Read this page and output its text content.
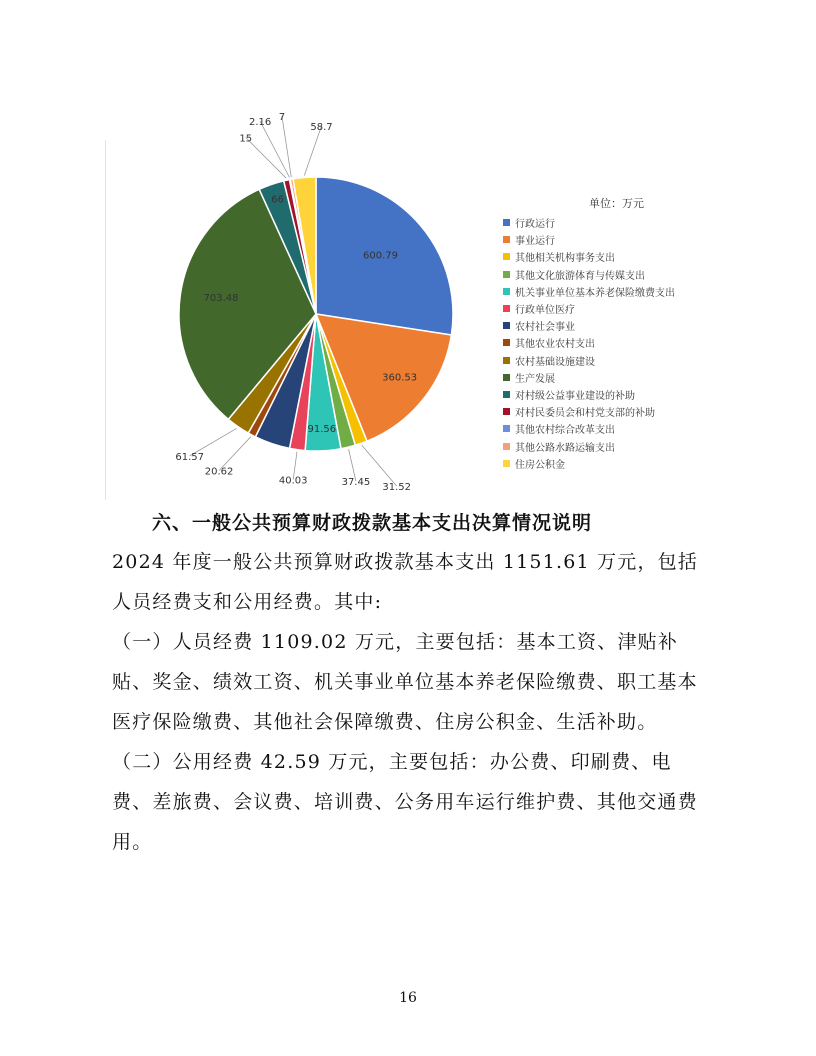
600.79
360.53
31.52
37.45
91.56
40.03
20.62
61.57
703.48
66
15
2.16 7
58.7
单位：万元
行政运行
事业运行
其他相关机构事务支出
其他文化旅游体育与传媒支出
机关事业单位基本养老保险缴费支出
行政单位医疗
农村社会事业
其他农业农村支出
农村基础设施建设
生产发展
对村级公益事业建设的补助
对村民委员会和村党支部的补助
其他农村综合改革支出
其他公路水路运输支出
住房公积金
六、一般公共预算财政拨款基本支出决算情况说明

2024 年度一般公共预算财政拨款基本支出 1151.61 万元，包括人员经费支和公用经费。其中:

（一）人员经费 1109.02 万元，主要包括：基本工资、津贴补贴、奖金、绩效工资、机关事业单位基本养老保险缴费、职工基本医疗保险缴费、其他社会保障缴费、住房公积金、生活补助。

（二）公用经费 42.59 万元，主要包括：办公费、印刷费、电费、差旅费、会议费、培训费、公务用车运行维护费、其他交通费用。

16
